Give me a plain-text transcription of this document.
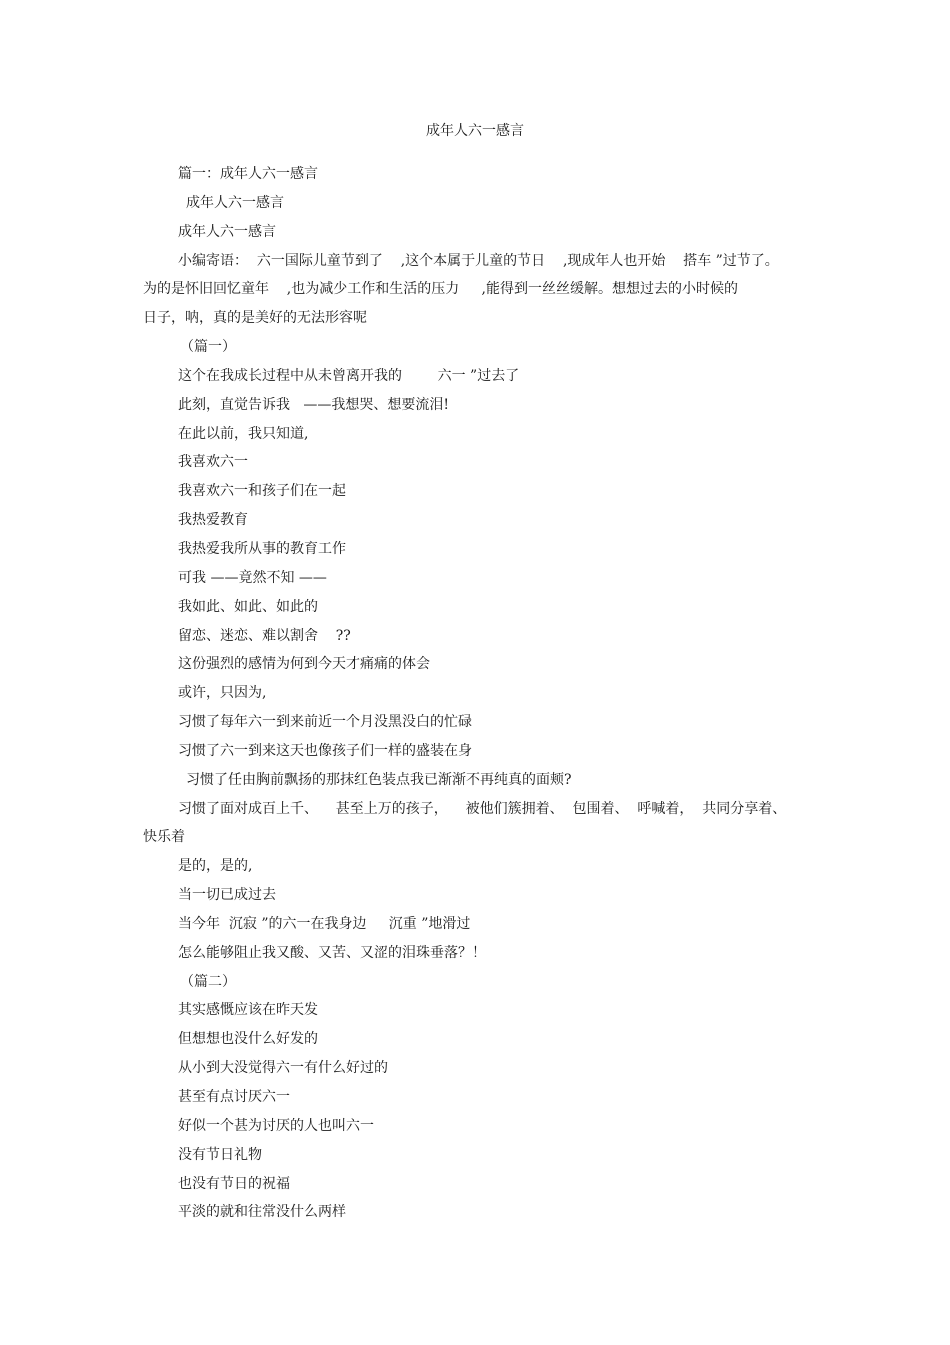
成年人六一感言
篇一：成年人六一感言
成年人六一感言
成年人六一感言
小编寄语：  六一国际儿童节到了    ,这个本属于儿童的节日    ,现成年人也开始    搭车 ”过节了。
为的是怀旧回忆童年    ,也为减少工作和生活的压力     ,能得到一丝丝缓解。想想过去的小时候的
日子，呐，真的是美好的无法形容呢
（篇一）
这个在我成长过程中从未曾离开我的        六一 ”过去了
此刻，直觉告诉我   ——我想哭、想要流泪!
在此以前，我只知道,
我喜欢六一
我喜欢六一和孩子们在一起
我热爱教育
我热爱我所从事的教育工作
可我 ——竟然不知 ——
我如此、如此、如此的
留恋、迷恋、难以割舍    ??
这份强烈的感情为何到今天才痛痛的体会
或许，只因为,
习惯了每年六一到来前近一个月没黑没白的忙碌
习惯了六一到来这天也像孩子们一样的盛装在身
习惯了任由胸前飘扬的那抹红色装点我已渐渐不再纯真的面颊?
习惯了面对成百上千、    甚至上万的孩子，    被他们簇拥着、  包围着、  呼喊着，  共同分享着、
快乐着
是的，是的,
当一切已成过去
当今年  沉寂 ”的六一在我身边     沉重 ”地滑过
怎么能够阻止我又酸、又苦、又涩的泪珠垂落？！
（篇二）
其实感慨应该在昨天发
但想想也没什么好发的
从小到大没觉得六一有什么好过的
甚至有点讨厌六一
好似一个甚为讨厌的人也叫六一
没有节日礼物
也没有节日的祝福
平淡的就和往常没什么两样
